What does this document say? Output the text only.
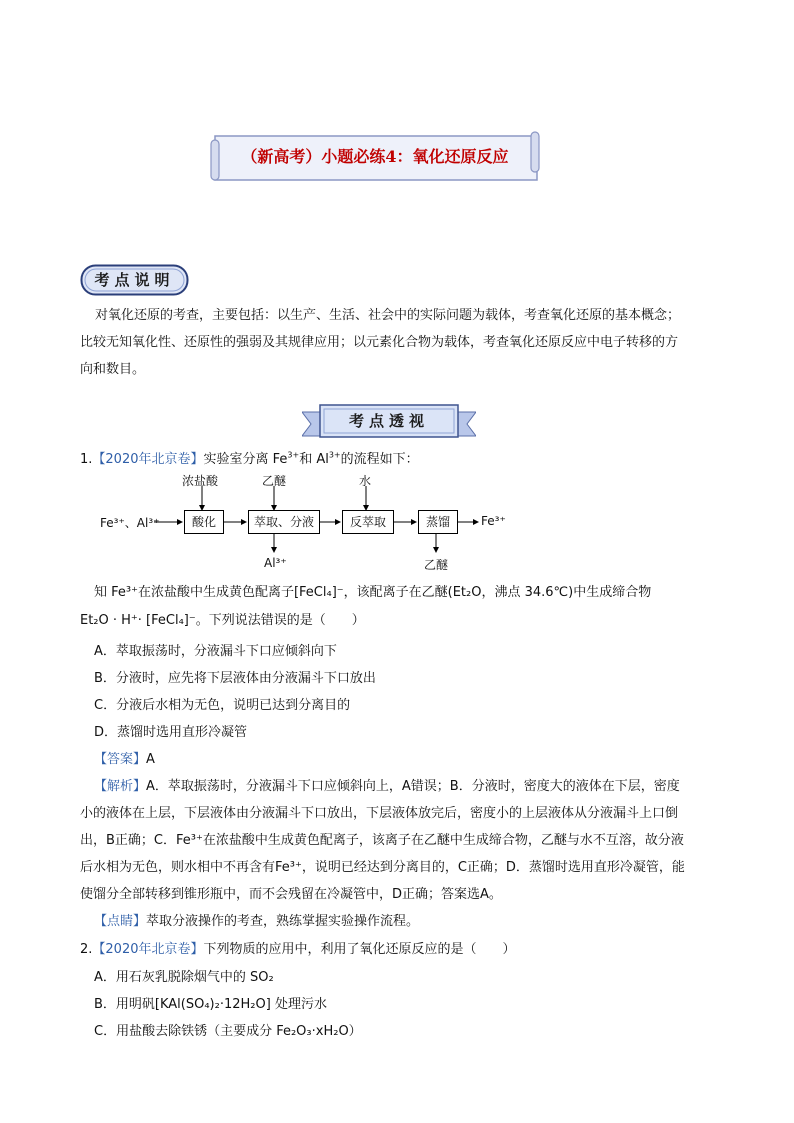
（新高考）小题必练4：氧化还原反应
考点说明
对氧化还原的考查，主要包括：以生产、生活、社会中的实际问题为载体，考查氧化还原的基本概念；
比较无知氧化性、还原性的强弱及其规律应用；以元素化合物为载体，考查氧化还原反应中电子转移的方
向和数目。
考点透视
1.【2020年北京卷】实验室分离 $Fe^{3+}$和 $Al^{3+}$的流程如下：
Fe³⁺、Al³⁺	酸化	萃取、分液	反萃取	蒸馏
浓盐酸	乙醚	水
Al³⁺	乙醚
Fe³⁺
知 Fe³⁺在浓盐酸中生成黄色配离子[FeCl₄]⁻，该配离子在乙醚(Et₂O，沸点 34.6℃)中生成缔合物
Et₂O · H⁺· [FeCl₄]⁻。下列说法错误的是（　　）
A．萃取振荡时，分液漏斗下口应倾斜向下
B．分液时，应先将下层液体由分液漏斗下口放出
C．分液后水相为无色，说明已达到分离目的
D．蒸馏时选用直形冷凝管
【答案】A
【解析】A．萃取振荡时，分液漏斗下口应倾斜向上，A错误；B．分液时，密度大的液体在下层，密度
小的液体在上层，下层液体由分液漏斗下口放出，下层液体放完后，密度小的上层液体从分液漏斗上口倒
出，B正确；C．Fe³⁺在浓盐酸中生成黄色配离子，该离子在乙醚中生成缔合物，乙醚与水不互溶，故分液
后水相为无色，则水相中不再含有Fe³⁺，说明已经达到分离目的，C正确；D．蒸馏时选用直形冷凝管，能
使馏分全部转移到锥形瓶中，而不会残留在冷凝管中，D正确；答案选A。
【点睛】萃取分液操作的考查，熟练掌握实验操作流程。
2.【2020年北京卷】下列物质的应用中，利用了氧化还原反应的是（　　）
A．用石灰乳脱除烟气中的 SO₂
B．用明矾[KAl(SO₄)₂·12H₂O] 处理污水
C．用盐酸去除铁锈（主要成分 Fe₂O₃·xH₂O）
